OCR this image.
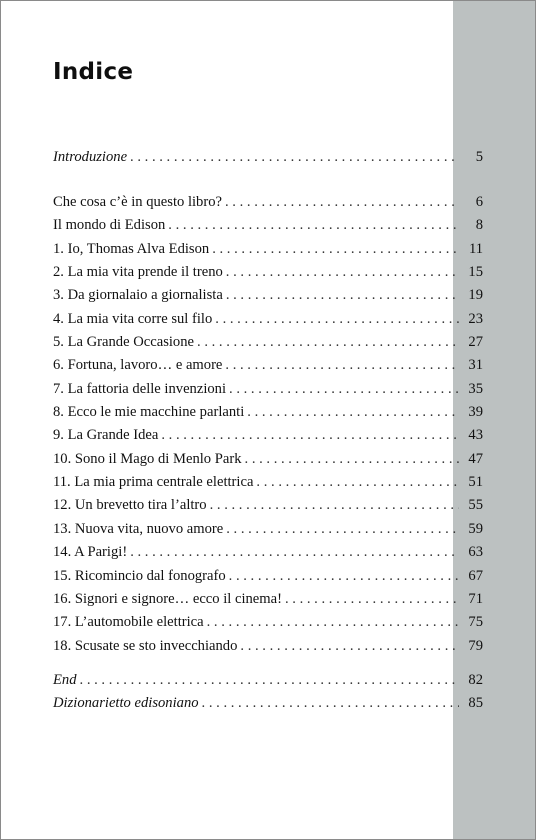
Indice
Introduzione . . .	5
Che cosa c’è in questo libro? . . .	6
Il mondo di Edison . . .	8
1. Io, Thomas Alva Edison . . .	11
2. La mia vita prende il treno . . .	15
3. Da giornalaio a giornalista . . .	19
4. La mia vita corre sul filo . . .	23
5. La Grande Occasione . . .	27
6. Fortuna, lavoro… e amore . . .	31
7. La fattoria delle invenzioni . . .	35
8. Ecco le mie macchine parlanti . . .	39
9. La Grande Idea . . .	43
10. Sono il Mago di Menlo Park . . .	47
11. La mia prima centrale elettrica . . .	51
12. Un brevetto tira l’altro . . .	55
13. Nuova vita, nuovo amore . . .	59
14. A Parigi! . . .	63
15. Ricomincio dal fonografo . . .	67
16. Signori e signore… ecco il cinema! . . .	71
17. L’automobile elettrica . . .	75
18. Scusate se sto invecchiando . . .	79
End . . .	82
Dizionarietto edisoniano . . .	85
